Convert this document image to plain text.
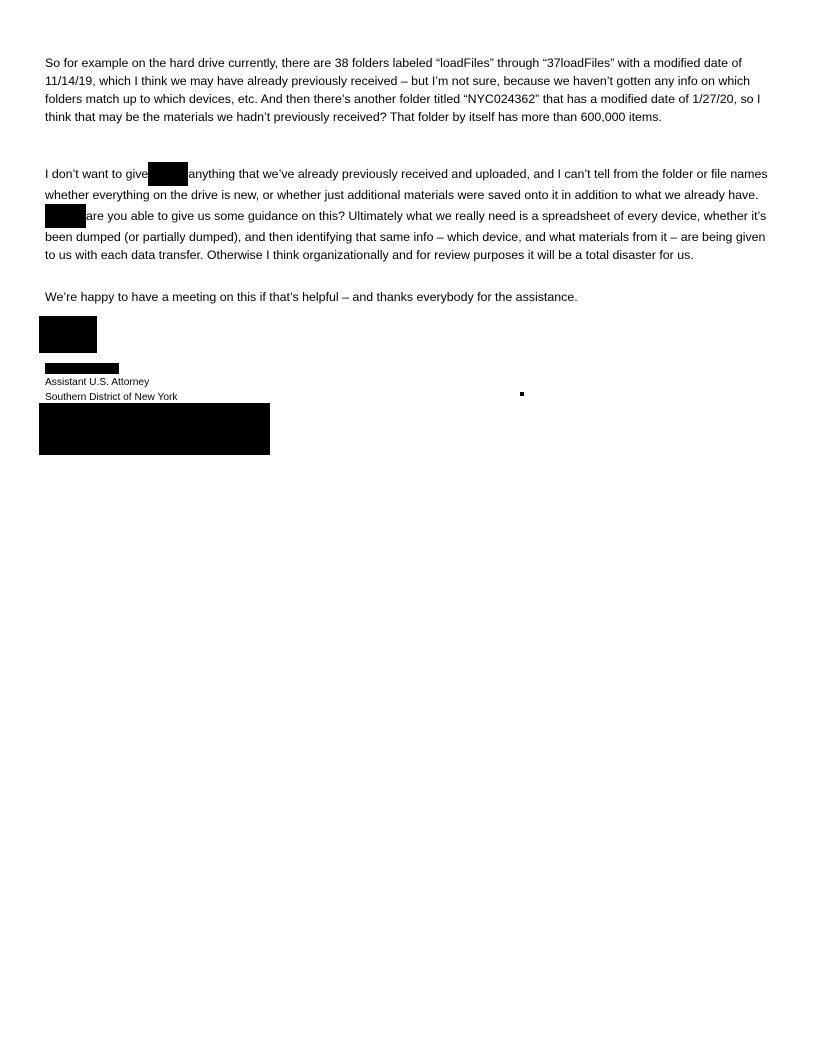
So for example on the hard drive currently, there are 38 folders labeled “loadFiles” through “37loadFiles” with a modified date of 11/14/19, which I think we may have already previously received – but I’m not sure, because we haven’t gotten any info on which folders match up to which devices, etc. And then there’s another folder titled “NYC024362” that has a modified date of 1/27/20, so I think that may be the materials we hadn’t previously received? That folder by itself has more than 600,000 items.

I don’t want to give	anything that we’ve already previously received and uploaded, and I can’t tell from the folder or file names whether everything on the drive is new, or whether just additional materials were saved onto it in addition to what we already have. are you able to give us some guidance on this? Ultimately what we really need is a spreadsheet of every device, whether it’s been dumped (or partially dumped), and then identifying that same info – which device, and what materials from it – are being given to us with each data transfer. Otherwise I think organizationally and for review purposes it will be a total disaster for us.

We’re happy to have a meeting on this if that’s helpful – and thanks everybody for the assistance.

Assistant U.S. Attorney

Southern District of New York
